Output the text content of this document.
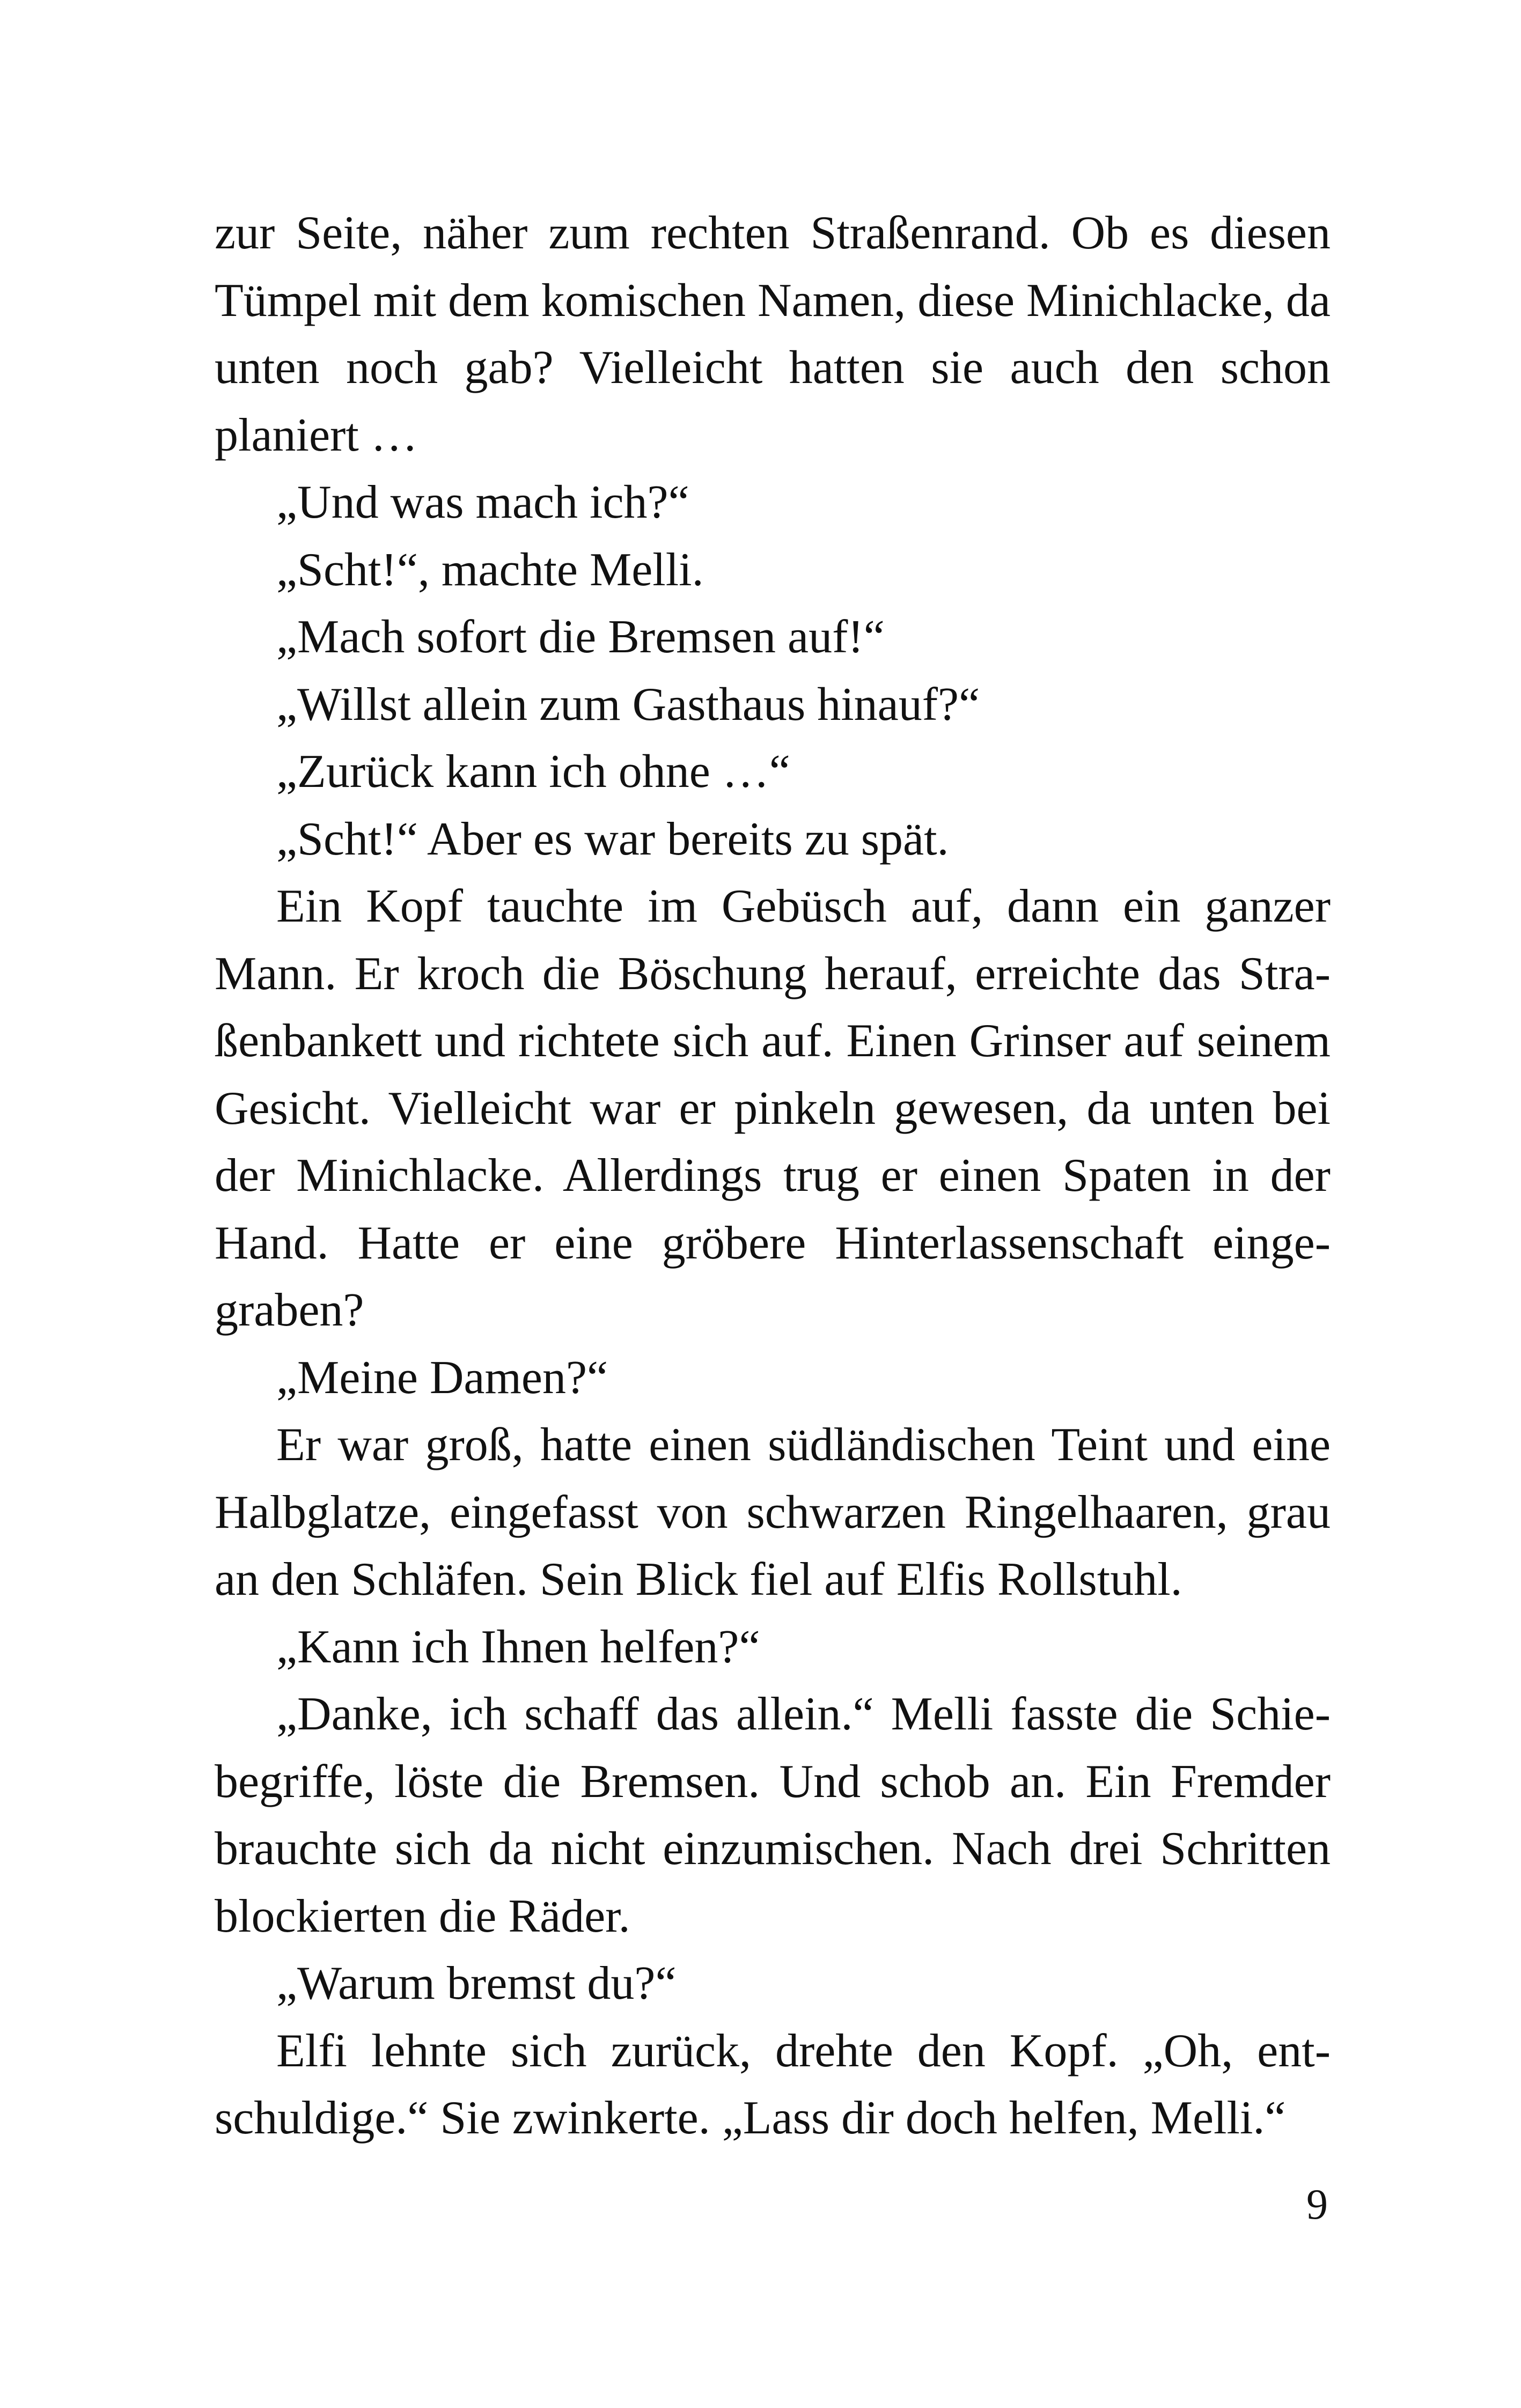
zur Seite, näher zum rechten Straßenrand. Ob es diesen Tümpel mit dem komischen Namen, diese Minichlacke, da unten noch gab? Vielleicht hatten sie auch den schon planiert …

„Und was mach ich?“

„Scht!“, machte Melli.

„Mach sofort die Bremsen auf!“

„Willst allein zum Gasthaus hinauf?“

„Zurück kann ich ohne …“

„Scht!“ Aber es war bereits zu spät.

Ein Kopf tauchte im Gebüsch auf, dann ein ganzer Mann. Er kroch die Böschung herauf, erreichte das Straßenbankett und richtete sich auf. Einen Grinser auf seinem Gesicht. Vielleicht war er pinkeln gewesen, da unten bei der Minichlacke. Allerdings trug er einen Spaten in der Hand. Hatte er eine gröbere Hinterlassenschaft eingegraben?

„Meine Damen?“

Er war groß, hatte einen südländischen Teint und eine Halbglatze, eingefasst von schwarzen Ringelhaaren, grau an den Schläfen. Sein Blick fiel auf Elfis Rollstuhl.

„Kann ich Ihnen helfen?“

„Danke, ich schaff das allein.“ Melli fasste die Schiebegriffe, löste die Bremsen. Und schob an. Ein Fremder brauchte sich da nicht einzumischen. Nach drei Schritten blockierten die Räder.

„Warum bremst du?“

Elfi lehnte sich zurück, drehte den Kopf. „Oh, entschuldige.“ Sie zwinkerte. „Lass dir doch helfen, Melli.“

9
